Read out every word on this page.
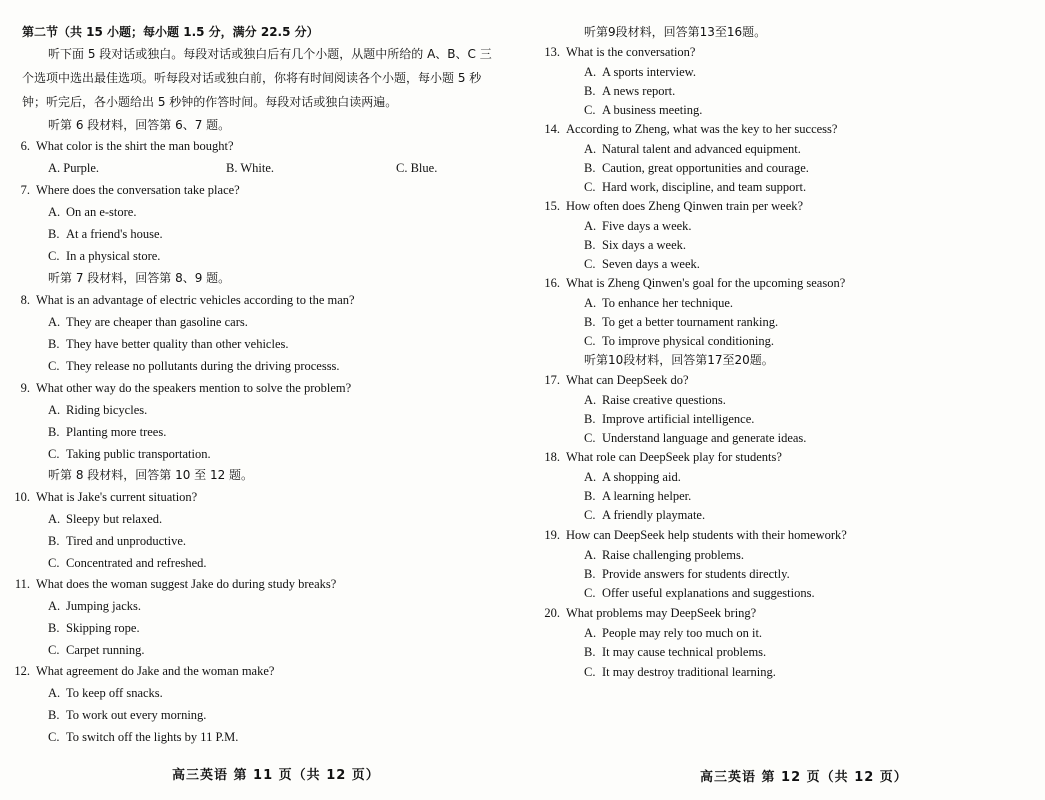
第二节（共 15 小题；每小题 1.5 分，满分 22.5 分）
听下面 5 段对话或独白。每段对话或独白后有几个小题，从题中所给的 A、B、C 三
个选项中选出最佳选项。听每段对话或独白前，你将有时间阅读各个小题，每小题 5 秒
钟；听完后，各小题给出 5 秒钟的作答时间。每段对话或独白读两遍。
听第 6 段材料，回答第 6、7 题。
6. What color is the shirt the man bought?
A. Purple.	B. White.	C. Blue.
7. Where does the conversation take place?
A. On an e-store.
B. At a friend's house.
C. In a physical store.
听第 7 段材料，回答第 8、9 题。
8. What is an advantage of electric vehicles according to the man?
A. They are cheaper than gasoline cars.
B. They have better quality than other vehicles.
C. They release no pollutants during the driving processs.
9. What other way do the speakers mention to solve the problem?
A. Riding bicycles.
B. Planting more trees.
C. Taking public transportation.
听第 8 段材料，回答第 10 至 12 题。
10. What is Jake's current situation?
A. Sleepy but relaxed.
B. Tired and unproductive.
C. Concentrated and refreshed.
11. What does the woman suggest Jake do during study breaks?
A. Jumping jacks.
B. Skipping rope.
C. Carpet running.
12. What agreement do Jake and the woman make?
A. To keep off snacks.
B. To work out every morning.
C. To switch off the lights by 11 P.M.
高三英语 第 11 页（共 12 页）
听第9段材料，回答第13至16题。
13. What is the conversation?
A. A sports interview.
B. A news report.
C. A business meeting.
14. According to Zheng, what was the key to her success?
A. Natural talent and advanced equipment.
B. Caution, great opportunities and courage.
C. Hard work, discipline, and team support.
15. How often does Zheng Qinwen train per week?
A. Five days a week.
B. Six days a week.
C. Seven days a week.
16. What is Zheng Qinwen's goal for the upcoming season?
A. To enhance her technique.
B. To get a better tournament ranking.
C. To improve physical conditioning.
听第10段材料，回答第17至20题。
17. What can DeepSeek do?
A. Raise creative questions.
B. Improve artificial intelligence.
C. Understand language and generate ideas.
18. What role can DeepSeek play for students?
A. A shopping aid.
B. A learning helper.
C. A friendly playmate.
19. How can DeepSeek help students with their homework?
A. Raise challenging problems.
B. Provide answers for students directly.
C. Offer useful explanations and suggestions.
20. What problems may DeepSeek bring?
A. People may rely too much on it.
B. It may cause technical problems.
C. It may destroy traditional learning.
高三英语 第 12 页（共 12 页）
